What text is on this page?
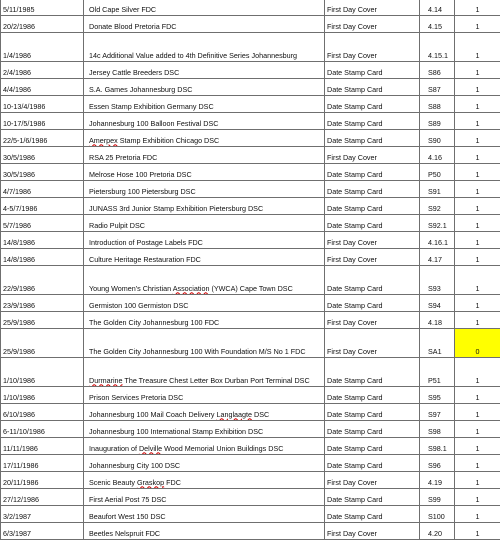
5/11/1985	Old Cape Silver FDC	First Day Cover	4.14	1
20/2/1986	Donate Blood Pretoria FDC	First Day Cover	4.15	1
1/4/1986	14c Additional Value added to 4th Definitive Series Johannesburg	First Day Cover	4.15.1	1
2/4/1986	Jersey Cattle Breeders DSC	Date Stamp Card	S86	1
4/4/1986	S.A. Games Johannesburg DSC	Date Stamp Card	S87	1
10-13/4/1986	Essen Stamp Exhibition Germany DSC	Date Stamp Card	S88	1
10-17/5/1986	Johannesburg 100 Balloon Festival DSC	Date Stamp Card	S89	1
22/5-1/6/1986	Amerpex Stamp Exhibition Chicago DSC	Date Stamp Card	S90	1
30/5/1986	RSA 25 Pretoria FDC	First Day Cover	4.16	1
30/5/1986	Melrose Hose 100 Pretoria DSC	Date Stamp Card	P50	1
4/7/1986	Pietersburg 100 Pietersburg DSC	Date Stamp Card	S91	1
4-5/7/1986	JUNASS 3rd Junior Stamp Exhibition Pietersburg DSC	Date Stamp Card	S92	1
5/7/1986	Radio Pulpit DSC	Date Stamp Card	S92.1	1
14/8/1986	Introduction of Postage Labels FDC	First Day Cover	4.16.1	1
14/8/1986	Culture Heritage Restauration FDC	First Day Cover	4.17	1
22/9/1986	Young Women's Christian Association (YWCA) Cape Town DSC	Date Stamp Card	S93	1
23/9/1986	Germiston 100 Germiston DSC	Date Stamp Card	S94	1
25/9/1986	The Golden City Johannesburg 100 FDC	First Day Cover	4.18	1
25/9/1986	The Golden City Johannesburg 100 With Foundation M/S No 1 FDC	First Day Cover	SA1	0
1/10/1986	Durmarine The Treasure Chest Letter Box Durban Port Terminal DSC	Date Stamp Card	P51	1
1/10/1986	Prison Services Pretoria DSC	Date Stamp Card	S95	1
6/10/1986	Johannesburg 100 Mail Coach Delivery Langlaagte DSC	Date Stamp Card	S97	1
6-11/10/1986	Johannesburg 100 International Stamp Exhibition DSC	Date Stamp Card	S98	1
11/11/1986	Inauguration of Delville Wood Memorial Union Buildings DSC	Date Stamp Card	S98.1	1
17/11/1986	Johannesburg City 100 DSC	Date Stamp Card	S96	1
20/11/1986	Scenic Beauty Graskop FDC	First Day Cover	4.19	1
27/12/1986	First Aerial Post 75 DSC	Date Stamp Card	S99	1
3/2/1987	Beaufort West 150 DSC	Date Stamp Card	S100	1
6/3/1987	Beetles Nelspruit FDC	First Day Cover	4.20	1
